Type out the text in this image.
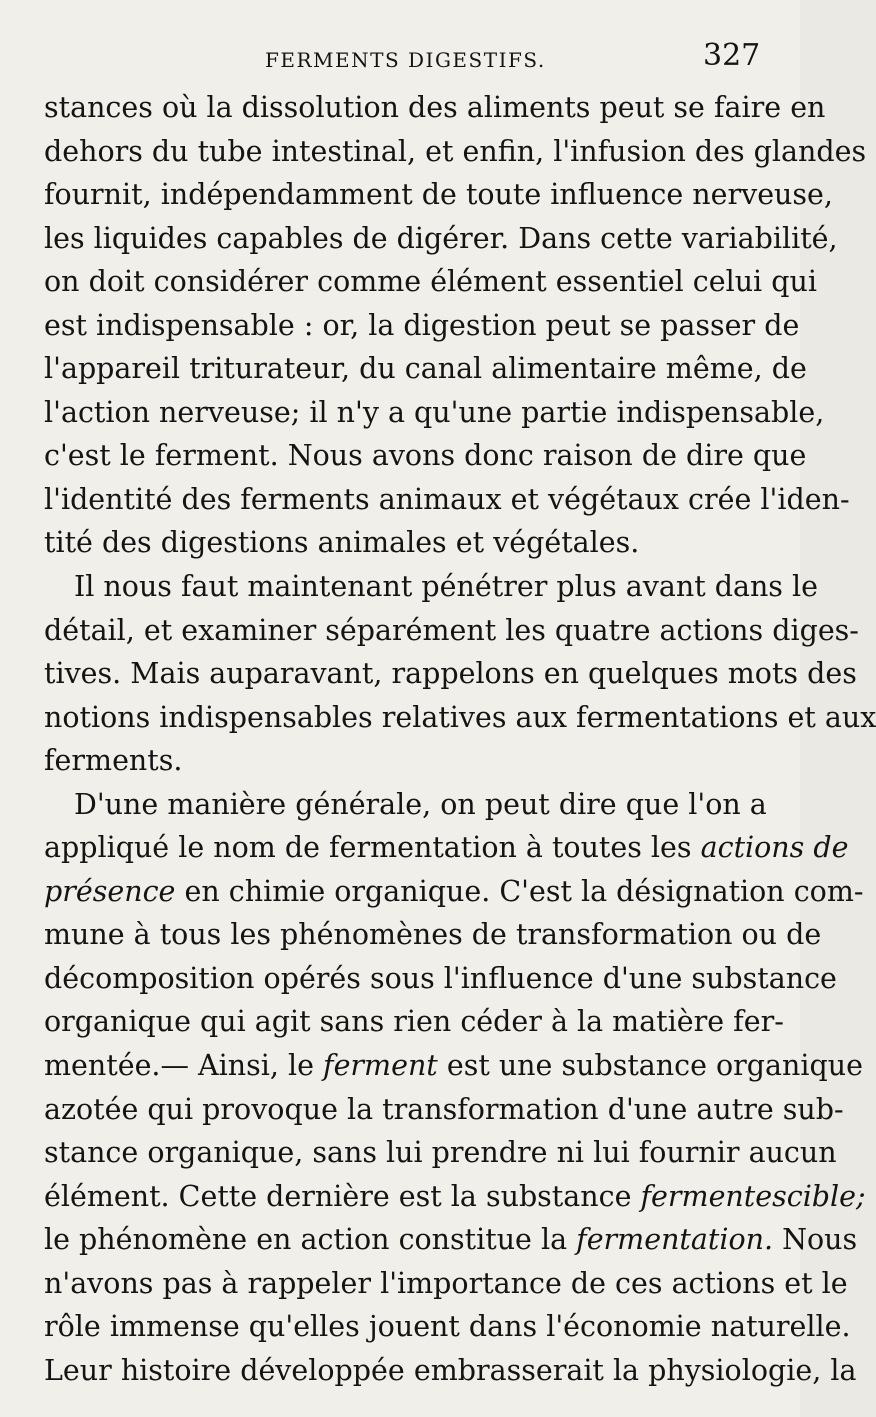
FERMENTS DIGESTIFS.	327
stances où la dissolution des aliments peut se faire en
dehors du tube intestinal, et enfin, l'infusion des glandes
fournit, indépendamment de toute influence nerveuse,
les liquides capables de digérer. Dans cette variabilité,
on doit considérer comme élément essentiel celui qui
est indispensable : or, la digestion peut se passer de
l'appareil triturateur, du canal alimentaire même, de
l'action nerveuse; il n'y a qu'une partie indispensable,
c'est le ferment. Nous avons donc raison de dire que
l'identité des ferments animaux et végétaux crée l'iden-
tité des digestions animales et végétales.
Il nous faut maintenant pénétrer plus avant dans le
détail, et examiner séparément les quatre actions diges-
tives. Mais auparavant, rappelons en quelques mots des
notions indispensables relatives aux fermentations et aux
ferments.
D'une manière générale, on peut dire que l'on a
appliqué le nom de fermentation à toutes les actions de
présence en chimie organique. C'est la désignation com-
mune à tous les phénomènes de transformation ou de
décomposition opérés sous l'influence d'une substance
organique qui agit sans rien céder à la matière fer-
mentée.— Ainsi, le ferment est une substance organique
azotée qui provoque la transformation d'une autre sub-
stance organique, sans lui prendre ni lui fournir aucun
élément. Cette dernière est la substance fermentescible;
le phénomène en action constitue la fermentation. Nous
n'avons pas à rappeler l'importance de ces actions et le
rôle immense qu'elles jouent dans l'économie naturelle.
Leur histoire développée embrasserait la physiologie, la
